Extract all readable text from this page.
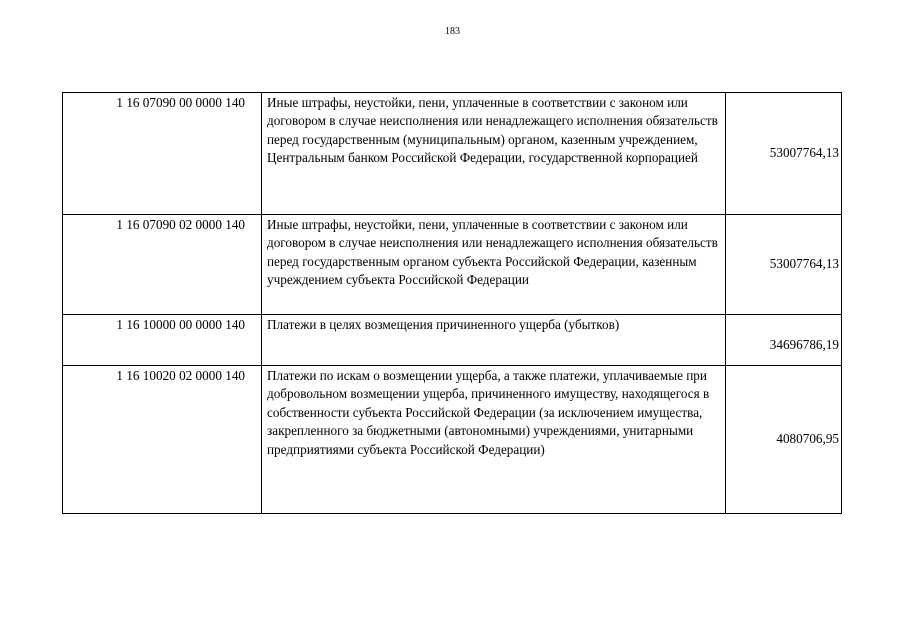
183
1 16 07090 00 0000 140	Иные штрафы, неустойки, пени, уплаченные в соответствии с законом или договором в случае неисполнения или ненадлежащего исполнения обязательств перед государственным (муниципальным) органом, казенным учреждением, Центральным банком Российской Федерации, государственной корпорацией	53007764,13
1 16 07090 02 0000 140	Иные штрафы, неустойки, пени, уплаченные в соответствии с законом или договором в случае неисполнения или ненадлежащего исполнения обязательств перед государственным органом субъекта Российской Федерации, казенным учреждением субъекта Российской Федерации	53007764,13
1 16 10000 00 0000 140	Платежи в целях возмещения причиненного ущерба (убытков)	34696786,19
1 16 10020 02 0000 140	Платежи по искам о возмещении ущерба, а также платежи, уплачиваемые при добровольном возмещении ущерба, причиненного имуществу, находящегося в собственности субъекта Российской Федерации (за исключением имущества, закрепленного за бюджетными (автономными) учреждениями, унитарными предприятиями субъекта Российской Федерации)	4080706,95
